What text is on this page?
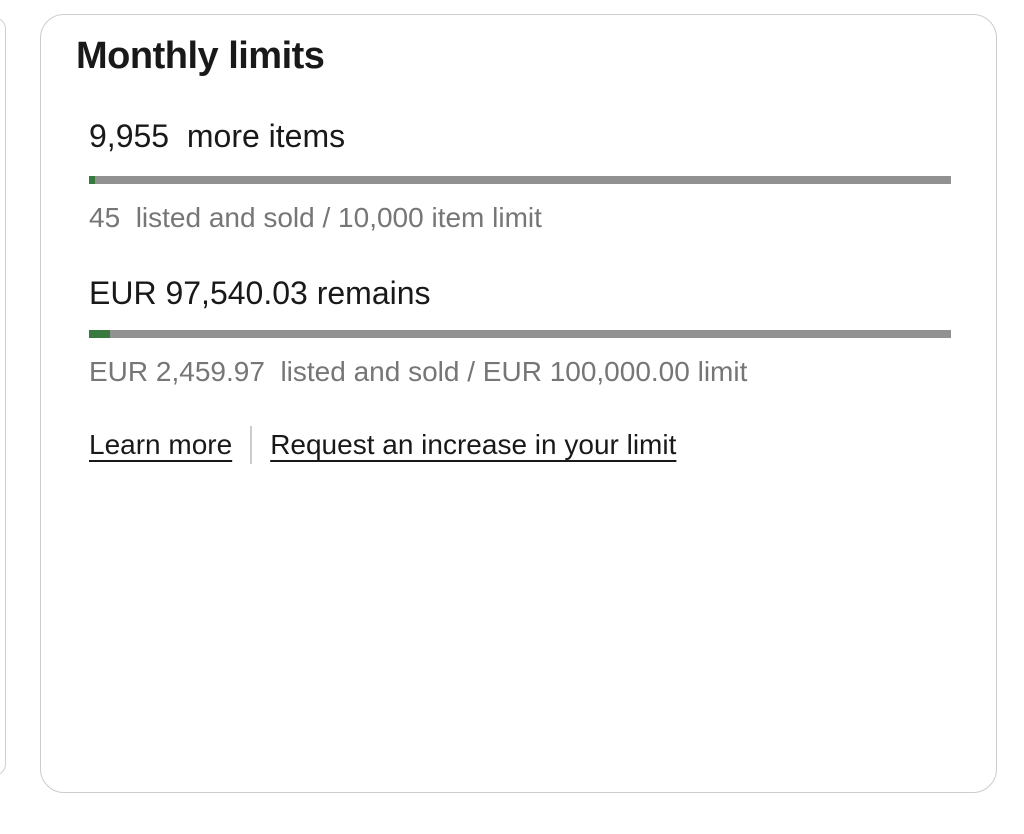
Monthly limits
9,955  more items
45  listed and sold / 10,000 item limit
EUR 97,540.03 remains
EUR 2,459.97  listed and sold / EUR 100,000.00 limit
Learn more Request an increase in your limit
